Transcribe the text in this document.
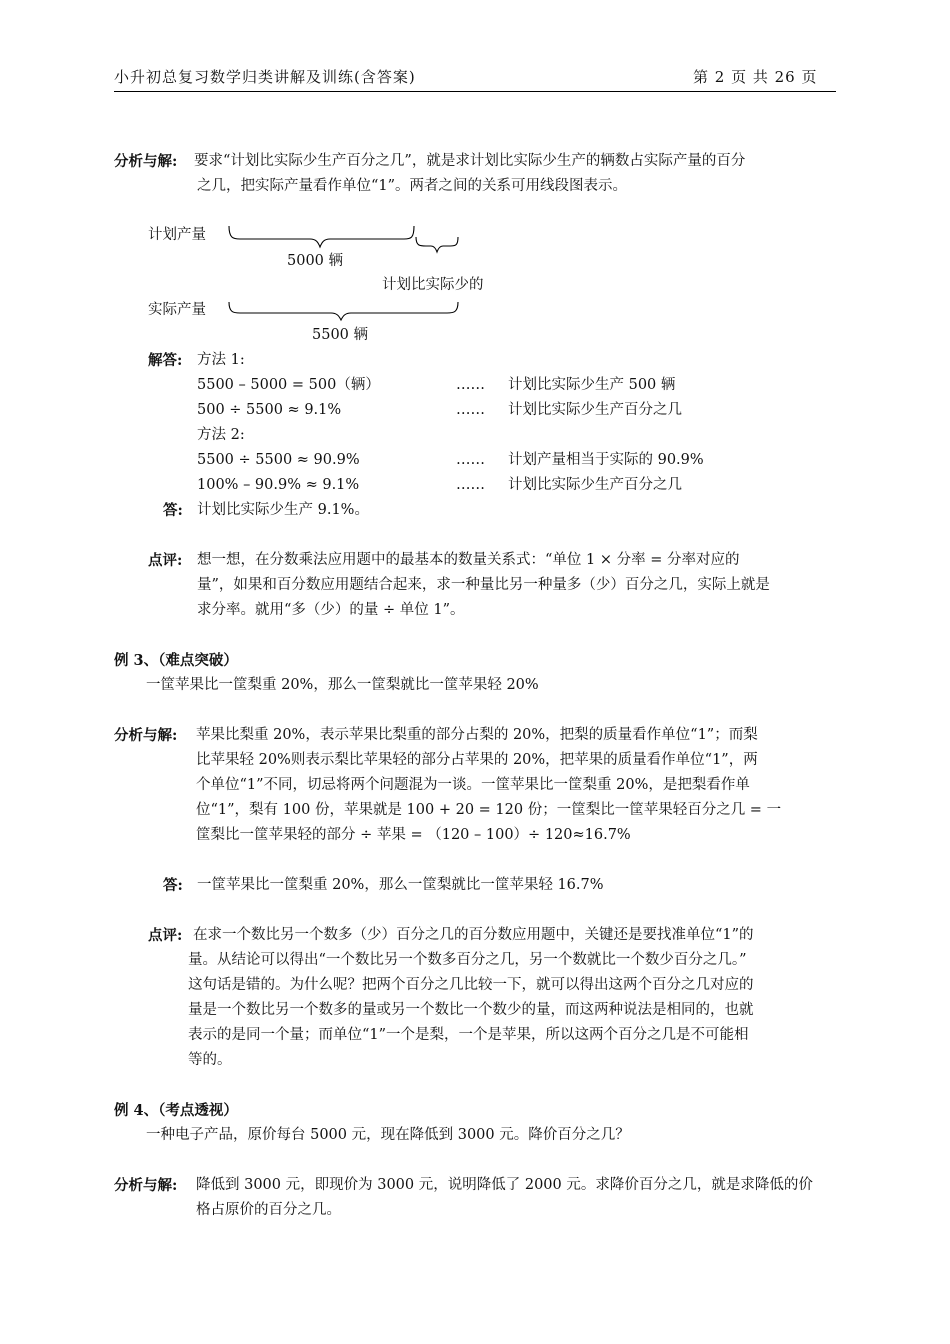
小升初总复习数学归类讲解及训练(含答案)	第 2 页 共 26 页
分析与解: 要求“计划比实际少生产百分之几”，就是求计划比实际少生产的辆数占实际产量的百分
之几，把实际产量看作单位“1”。两者之间的关系可用线段图表示。
计划产量
5000 辆
计划比实际少的
实际产量
5500 辆
解答: 方法 1:
5500 – 5000 = 500（辆）	…… 计划比实际少生产 500 辆
500 ÷ 5500 ≈ 9.1%	…… 计划比实际少生产百分之几
方法 2:
5500 ÷ 5500 ≈ 90.9%	…… 计划产量相当于实际的 90.9%
100% – 90.9% ≈ 9.1%	…… 计划比实际少生产百分之几
答: 计划比实际少生产 9.1%。
点评: 想一想，在分数乘法应用题中的最基本的数量关系式：“单位 1 × 分率 = 分率对应的
量”，如果和百分数应用题结合起来，求一种量比另一种量多（少）百分之几，实际上就是
求分率。就用“多（少）的量 ÷ 单位 1”。
例 3、（难点突破）
一筐苹果比一筐梨重 20%，那么一筐梨就比一筐苹果轻 20%
分析与解: 苹果比梨重 20%，表示苹果比梨重的部分占梨的 20%，把梨的质量看作单位“1”；而梨
比苹果轻 20%则表示梨比苹果轻的部分占苹果的 20%，把苹果的质量看作单位“1”，两
个单位“1”不同，切忌将两个问题混为一谈。一筐苹果比一筐梨重 20%，是把梨看作单
位“1”，梨有 100 份，苹果就是 100 + 20 = 120 份；一筐梨比一筐苹果轻百分之几 = 一
筐梨比一筐苹果轻的部分 ÷ 苹果 = （120 – 100）÷ 120≈16.7%
答: 一筐苹果比一筐梨重 20%，那么一筐梨就比一筐苹果轻 16.7%
点评: 在求一个数比另一个数多（少）百分之几的百分数应用题中，关键还是要找准单位“1”的
量。从结论可以得出“一个数比另一个数多百分之几，另一个数就比一个数少百分之几。”
这句话是错的。为什么呢？把两个百分之几比较一下，就可以得出这两个百分之几对应的
量是一个数比另一个数多的量或另一个数比一个数少的量，而这两种说法是相同的，也就
表示的是同一个量；而单位“1”一个是梨，一个是苹果，所以这两个百分之几是不可能相
等的。
例 4、（考点透视）
一种电子产品，原价每台 5000 元，现在降低到 3000 元。降价百分之几？
分析与解: 降低到 3000 元，即现价为 3000 元，说明降低了 2000 元。求降价百分之几，就是求降低的价
格占原价的百分之几。
